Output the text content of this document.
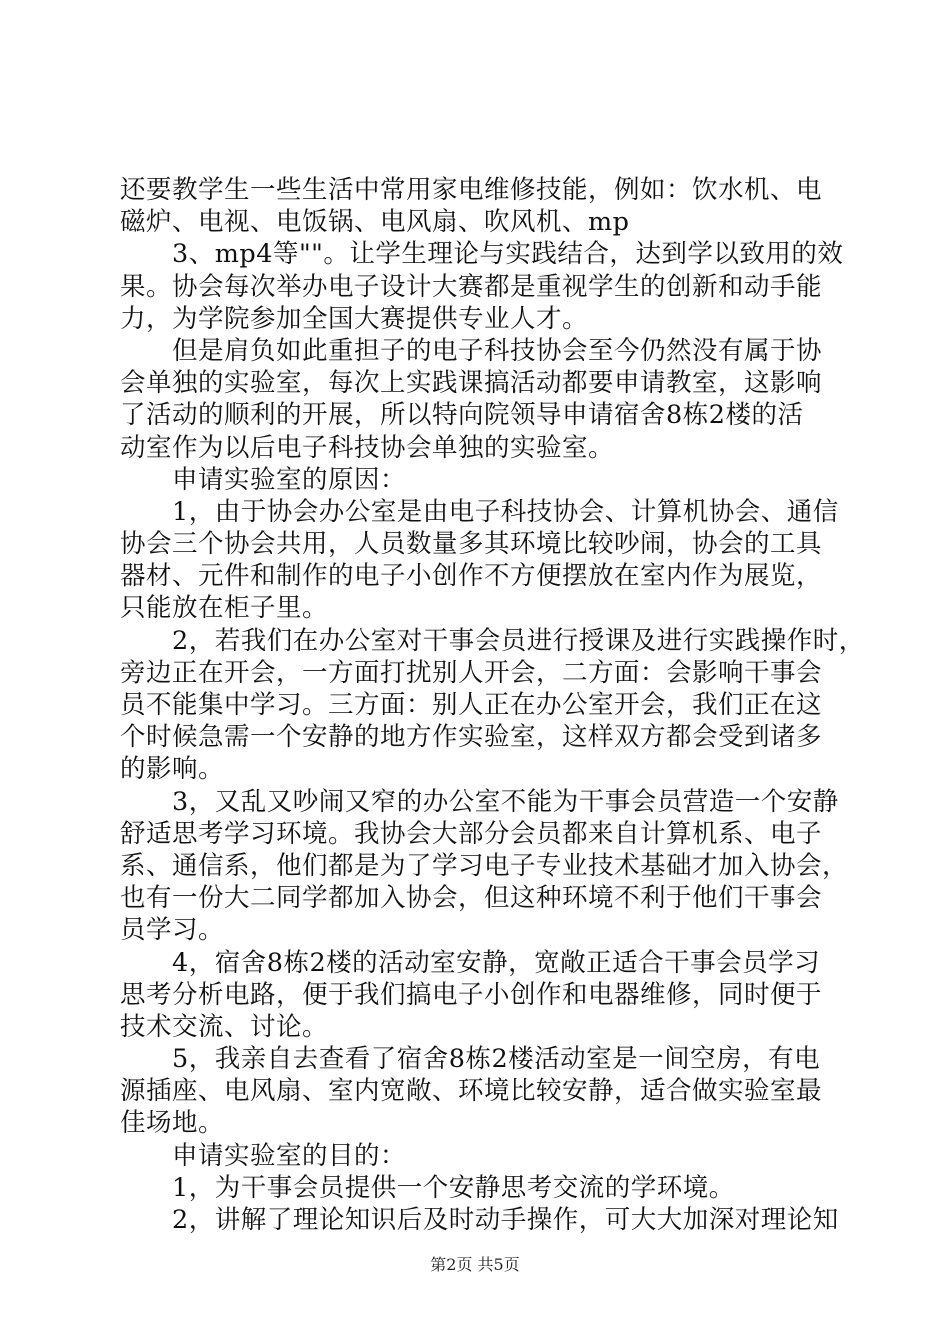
还要教学生一些生活中常用家电维修技能，例如：饮水机、电
磁炉、电视、电饭锅、电风扇、吹风机、mp
3、mp4等""。让学生理论与实践结合，达到学以致用的效
果。协会每次举办电子设计大赛都是重视学生的创新和动手能
力，为学院参加全国大赛提供专业人才。
但是肩负如此重担子的电子科技协会至今仍然没有属于协
会单独的实验室，每次上实践课搞活动都要申请教室，这影响
了活动的顺利的开展，所以特向院领导申请宿舍8栋2楼的活
动室作为以后电子科技协会单独的实验室。
申请实验室的原因：
1，由于协会办公室是由电子科技协会、计算机协会、通信
协会三个协会共用，人员数量多其环境比较吵闹，协会的工具
器材、元件和制作的电子小创作不方便摆放在室内作为展览，
只能放在柜子里。
2，若我们在办公室对干事会员进行授课及进行实践操作时，
旁边正在开会，一方面打扰别人开会，二方面：会影响干事会
员不能集中学习。三方面：别人正在办公室开会，我们正在这
个时候急需一个安静的地方作实验室，这样双方都会受到诸多
的影响。
3，又乱又吵闹又窄的办公室不能为干事会员营造一个安静
舒适思考学习环境。我协会大部分会员都来自计算机系、电子
系、通信系，他们都是为了学习电子专业技术基础才加入协会，
也有一份大二同学都加入协会，但这种环境不利于他们干事会
员学习。
4，宿舍8栋2楼的活动室安静，宽敞正适合干事会员学习
思考分析电路，便于我们搞电子小创作和电器维修，同时便于
技术交流、讨论。
5，我亲自去查看了宿舍8栋2楼活动室是一间空房，有电
源插座、电风扇、室内宽敞、环境比较安静，适合做实验室最
佳场地。
申请实验室的目的：
1，为干事会员提供一个安静思考交流的学环境。
2，讲解了理论知识后及时动手操作，可大大加深对理论知
第2页 共5页
